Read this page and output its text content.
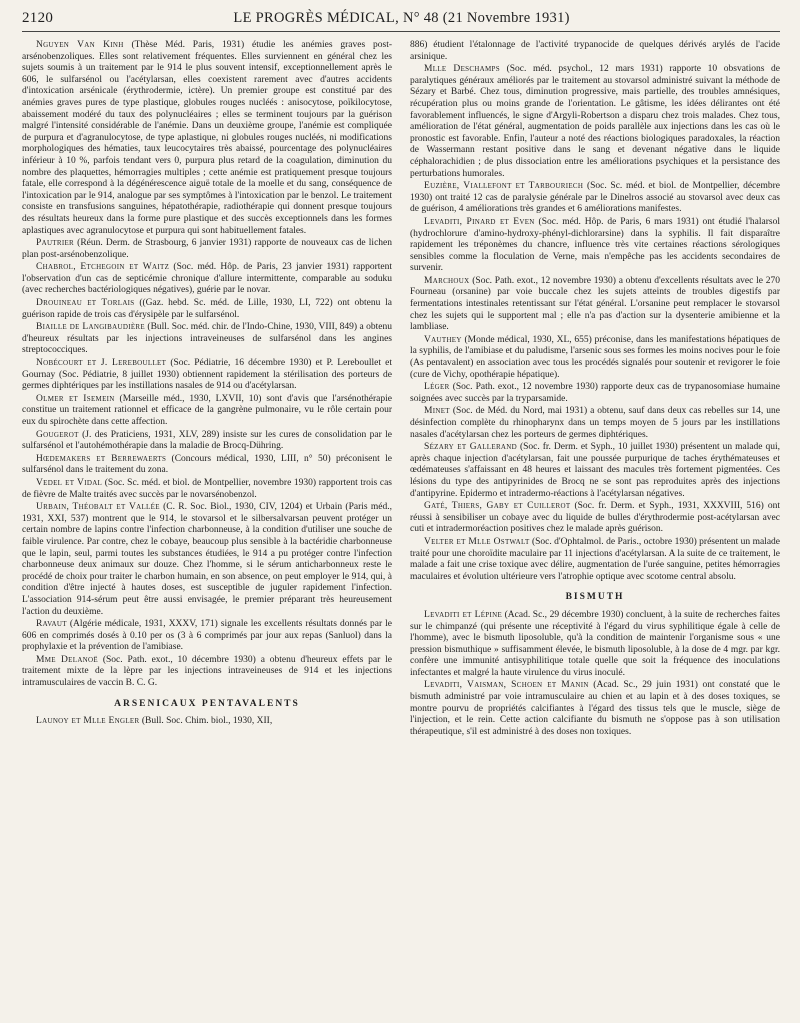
2120	LE PROGRÈS MÉDICAL, N° 48 (21 Novembre 1931)

Nguyen Van Kinh (Thèse Méd. Paris, 1931) étudie les anémies graves post-arsénobenzoliques. Elles sont relativement fréquentes. Elles surviennent en général chez les sujets soumis à un traitement par le 914 le plus souvent intensif, exceptionnellement après le 606, le sulfarsénol ou l'acétylarsan, elles coexistent rarement avec d'autres accidents d'intoxication arsénicale (érythrodermie, ictère). Un premier groupe est constitué par des anémies graves pures de type plastique, globules rouges nucléés : anisocytose, poïkilocytose, abaissement modéré du taux des polynucléaires ; elles se terminent toujours par la guérison malgré l'intensité considérable de l'anémie. Dans un deuxième groupe, l'anémie est compliquée de purpura et d'agranulocytose, de type aplastique, ni globules rouges nucléés, ni modifications morphologiques des hématies, taux leucocytaires très abaissé, pourcentage des polynucléaires inférieur à 10 %, parfois tendant vers 0, purpura plus retard de la coagulation, diminution du nombre des plaquettes, hémorragies multiples ; cette anémie est pratiquement presque toujours fatale, elle correspond à la dégénérescence aiguë totale de la moelle et du sang, conséquence de l'intoxication par le 914, analogue par ses symptômes à l'intoxication par le benzol. Le traitement consiste en transfusions sanguines, hépatothérapie, radiothérapie qui donnent presque toujours des résultats heureux dans la forme pure plastique et des succès exceptionnels dans les formes aplastiques avec agranulocytose et purpura qui sont habituellement fatales.

Pautrier (Réun. Derm. de Strasbourg, 6 janvier 1931) rapporte de nouveaux cas de lichen plan post-arsénobenzolique.

Chabrol, Etchegoin et Waitz (Soc. méd. Hôp. de Paris, 23 janvier 1931) rapportent l'observation d'un cas de septicémie chronique d'allure intermittente, comparable au soduku (avec recherches bactériologiques négatives), guérie par le novar.

Drouineau et Torlais ((Gaz. hebd. Sc. méd. de Lille, 1930, LI, 722) ont obtenu la guérison rapide de trois cas d'érysipèle par le sulfarsénol.

Biaille de Langibaudière (Bull. Soc. méd. chir. de l'Indo-Chine, 1930, VIII, 849) a obtenu d'heureux résultats par les injections intraveineuses de sulfarsénol dans les angines streptococciques.

Nobécourt et J. Lereboullet (Soc. Pédiatrie, 16 décembre 1930) et P. Lereboullet et Gournay (Soc. Pédiatrie, 8 juillet 1930) obtiennent rapidement la stérilisation des porteurs de germes diphtériques par les instillations nasales de 914 ou d'acétylarsan.

Olmer et Isemein (Marseille méd., 1930, LXVII, 10) sont d'avis que l'arsénothérapie constitue un traitement rationnel et efficace de la gangrène pulmonaire, vu le rôle certain pour eux du spirochète dans cette affection.

Gougerot (J. des Praticiens, 1931, XLV, 289) insiste sur les cures de consolidation par le sulfarsénol et l'autohémothérapie dans la maladie de Brocq-Dühring.

Hœdemakers et Berrewaerts (Concours médical, 1930, LIII, n° 50) préconisent le sulfarsénol dans le traitement du zona.

Vedel et Vidal (Soc. Sc. méd. et biol. de Montpellier, novembre 1930) rapportent trois cas de fièvre de Malte traités avec succès par le novarsénobenzol.

Urbain, Théobalt et Vallée (C. R. Soc. Biol., 1930, CIV, 1204) et Urbain (Paris méd., 1931, XXI, 537) montrent que le 914, le stovarsol et le silbersalvarsan peuvent protéger un certain nombre de lapins contre l'infection charbonneuse, à la condition d'utiliser une souche de faible virulence. Par contre, chez le cobaye, beaucoup plus sensible à la bactéridie charbonneuse que le lapin, seul, parmi toutes les substances étudiées, le 914 a pu protéger contre l'infection charbonneuse deux animaux sur douze. Chez l'homme, si le sérum anticharbonneux reste le procédé de choix pour traiter le charbon humain, en son absence, on peut employer le 914, qui, à condition d'être injecté à hautes doses, est susceptible de juguler rapidement l'infection. L'association 914-sérum peut être aussi envisagée, le premier préparant très heureusement l'action du deuxième.

Ravaut (Algérie médicale, 1931, XXXV, 171) signale les excellents résultats donnés par le 606 en comprimés dosés à 0.10 per os (3 à 6 comprimés par jour aux repas (Sanluol) dans la prophylaxie et la prévention de l'amibiase.

Mme Delanoë (Soc. Path. exot., 10 décembre 1930) a obtenu d'heureux effets par le traitement mixte de la lèpre par les injections intraveineuses de 914 et les injections intramusculaires de vaccin B. C. G.

ARSENICAUX PENTAVALENTS

Launoy et Mlle Engler (Bull. Soc. Chim. biol., 1930, XII,

886) étudient l'étalonnage de l'activité trypanocide de quelques dérivés arylés de l'acide arsinique.

Mlle Deschamps (Soc. méd. psychol., 12 mars 1931) rapporte 10 obsvations de paralytiques généraux améliorés par le traitement au stovarsol administré suivant la méthode de Sézary et Barbé. Chez tous, diminution progressive, mais partielle, des troubles amnésiques, récupération plus ou moins grande de l'orientation. Le gâtisme, les idées délirantes ont été favorablement influencés, le signe d'Argyli-Robertson a disparu chez trois malades. Chez tous, amélioration de l'état général, augmentation de poids parallèle aux injections dans les cas où le pronostic est favorable. Enfin, l'auteur a noté des réactions biologiques paradoxales, la réaction de Wassermann restant positive dans le sang et devenant négative dans le liquide céphalorachidien ; de plus dissociation entre les améliorations psychiques et la persistance des perturbations humorales.

Euzière, Viallefont et Tarbouriech (Soc. Sc. méd. et biol. de Montpellier, décembre 1930) ont traité 12 cas de paralysie générale par le Dinelros associé au stovarsol avec deux cas de guérison, 4 améliorations très grandes et 6 améliorations manifestes.

Levaditi, Pinard et Even (Soc. méd. Hôp. de Paris, 6 mars 1931) ont étudié l'halarsol (hydrochlorure d'amino-hydroxy-phényl-dichlorarsine) dans la syphilis. Il fait disparaître rapidement les tréponèmes du chancre, influence très vite certaines réactions sérologiques sensibles comme la floculation de Verne, mais n'empêche pas les accidents secondaires de survenir.

Marchoux (Soc. Path. exot., 12 novembre 1930) a obtenu d'excellents résultats avec le 270 Fourneau (orsanine) par voie buccale chez les sujets atteints de troubles digestifs par fermentations intestinales retentissant sur l'état général. L'orsanine peut remplacer le stovarsol chez les sujets qui le supportent mal ; elle n'a pas d'action sur la dysenterie amibienne et la lambliase.

Vauthey (Monde médical, 1930, XL, 655) préconise, dans les manifestations hépatiques de la syphilis, de l'amibiase et du paludisme, l'arsenic sous ses formes les moins nocives pour le foie (As pentavalent) en association avec tous les procédés signalés pour soutenir et revigorer le foie (cure de Vichy, opothérapie hépatique).

Léger (Soc. Path. exot., 12 novembre 1930) rapporte deux cas de trypanosomiase humaine soignées avec succès par la tryparsamide.

Minet (Soc. de Méd. du Nord, mai 1931) a obtenu, sauf dans deux cas rebelles sur 14, une désinfection complète du rhinopharynx dans un temps moyen de 5 jours par les instillations nasales d'acétylarsan chez les porteurs de germes diphtériques.

Sézary et Gallerand (Soc. fr. Derm. et Syph., 10 juillet 1930) présentent un malade qui, après chaque injection d'acétylarsan, fait une poussée purpurique de taches érythémateuses et œdémateuses s'affaissant en 48 heures et laissant des macules très fortement pigmentées. Ces lésions du type des antipyrinides de Brocq ne se sont pas reproduites après des injections d'antipyrine. Epidermo et intradermo-réactions à l'acétylarsan négatives.

Gaté, Thiers, Gaby et Cuillerot (Soc. fr. Derm. et Syph., 1931, XXXVIII, 516) ont réussi à sensibiliser un cobaye avec du liquide de bulles d'érythrodermie post-acétylarsan avec cuti et intradermoréaction positives chez le malade après guérison.

Velter et Mlle Ostwalt (Soc. d'Ophtalmol. de Paris., octobre 1930) présentent un malade traité pour une choroïdite maculaire par 11 injections d'acétylarsan. A la suite de ce traitement, le malade a fait une crise toxique avec délire, augmentation de l'urée sanguine, petites hémorragies maculaires et évolution ultérieure vers l'atrophie optique avec scotome central absolu.

BISMUTH

Levaditi et Lépine (Acad. Sc., 29 décembre 1930) concluent, à la suite de recherches faites sur le chimpanzé (qui présente une réceptivité à l'égard du virus syphilitique égale à celle de l'homme), avec le bismuth liposoluble, qu'à la condition de maintenir l'organisme sous « une pression bismuthique » suffisamment élevée, le bismuth liposoluble, à la dose de 4 mgr. par kgr. confère une immunité antisyphilitique totale quelle que soit la fréquence des inoculations infectantes et malgré la haute virulence du virus inoculé.

Levaditi, Vaisman, Schoen et Manin (Acad. Sc., 29 juin 1931) ont constaté que le bismuth administré par voie intramusculaire au chien et au lapin et à des doses toxiques, se montre pourvu de propriétés calcifiantes à l'égard des tissus tels que le muscle, siège de l'injection, et le rein. Cette action calcifiante du bismuth ne s'oppose pas à son utilisation thérapeutique, s'il est administré à des doses non toxiques.
